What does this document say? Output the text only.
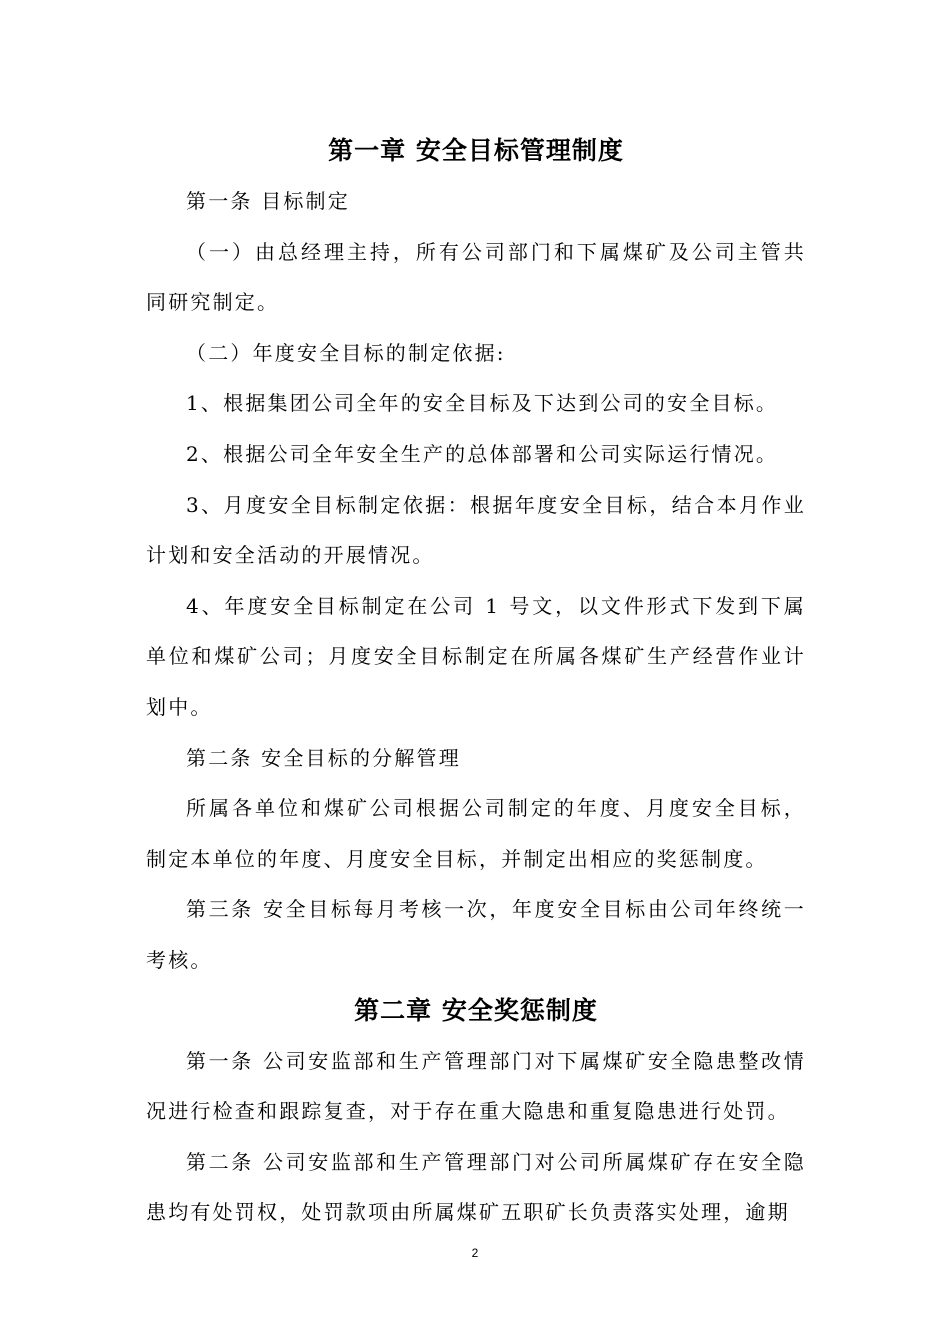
第一章 安全目标管理制度

第一条 目标制定

（一）由总经理主持，所有公司部门和下属煤矿及公司主管共同研究制定。

（二）年度安全目标的制定依据:

1、根据集团公司全年的安全目标及下达到公司的安全目标。

2、根据公司全年安全生产的总体部署和公司实际运行情况。

3、月度安全目标制定依据：根据年度安全目标，结合本月作业计划和安全活动的开展情况。

4、年度安全目标制定在公司 1 号文，以文件形式下发到下属单位和煤矿公司；月度安全目标制定在所属各煤矿生产经营作业计划中。

第二条 安全目标的分解管理

所属各单位和煤矿公司根据公司制定的年度、月度安全目标，制定本单位的年度、月度安全目标，并制定出相应的奖惩制度。

第三条 安全目标每月考核一次，年度安全目标由公司年终统一考核。

第二章 安全奖惩制度

第一条 公司安监部和生产管理部门对下属煤矿安全隐患整改情况进行检查和跟踪复查，对于存在重大隐患和重复隐患进行处罚。

第二条 公司安监部和生产管理部门对公司所属煤矿存在安全隐患均有处罚权，处罚款项由所属煤矿五职矿长负责落实处理，逾期

2
